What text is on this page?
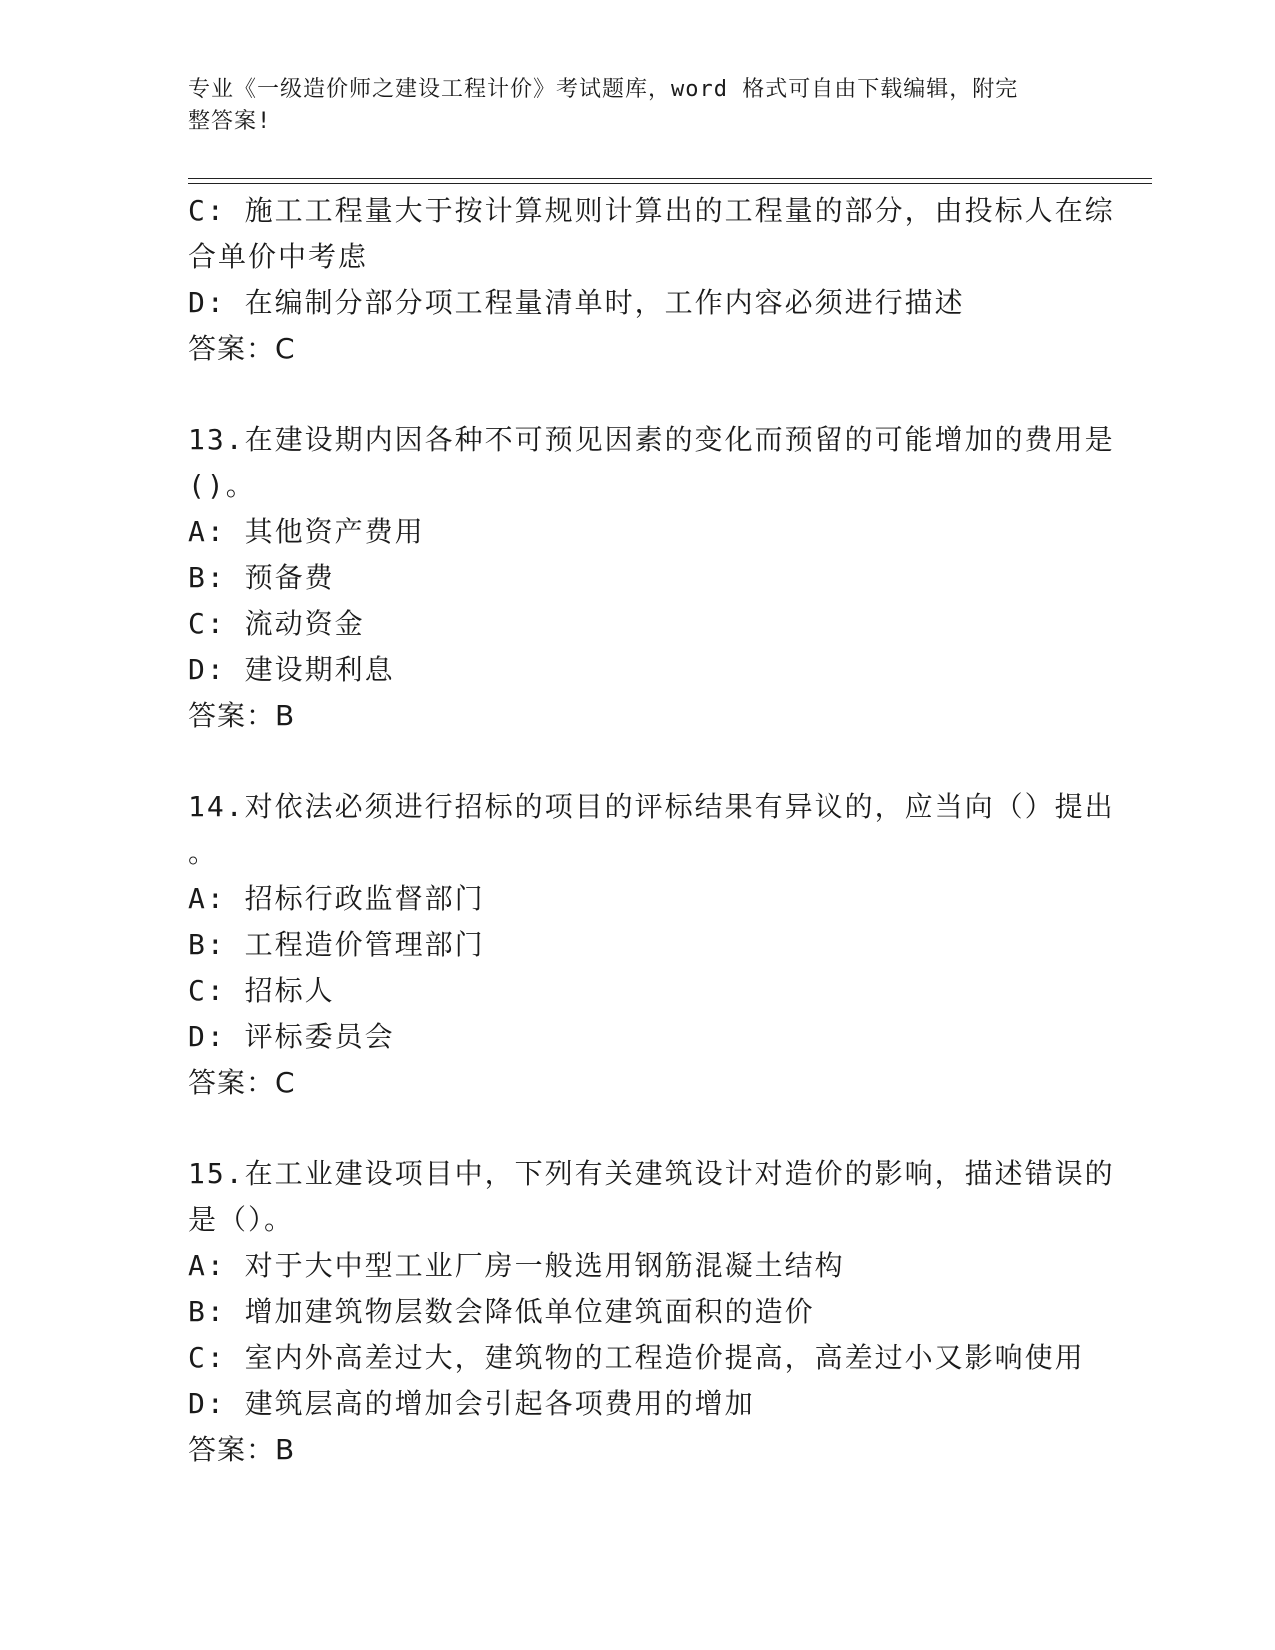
专业《一级造价师之建设工程计价》考试题库，word 格式可自由下载编辑，附完
整答案!
C: 施工工程量大于按计算规则计算出的工程量的部分，由投标人在综
合单价中考虑
D: 在编制分部分项工程量清单时，工作内容必须进行描述
答案：C
13.在建设期内因各种不可预见因素的变化而预留的可能增加的费用是
()。
A: 其他资产费用
B: 预备费
C: 流动资金
D: 建设期利息
答案：B
14.对依法必须进行招标的项目的评标结果有异议的，应当向（）提出
。
A: 招标行政监督部门
B: 工程造价管理部门
C: 招标人
D: 评标委员会
答案：C
15.在工业建设项目中，下列有关建筑设计对造价的影响，描述错误的
是（）。
A: 对于大中型工业厂房一般选用钢筋混凝土结构
B: 增加建筑物层数会降低单位建筑面积的造价
C: 室内外高差过大，建筑物的工程造价提高，高差过小又影响使用
D: 建筑层高的增加会引起各项费用的增加
答案：B
